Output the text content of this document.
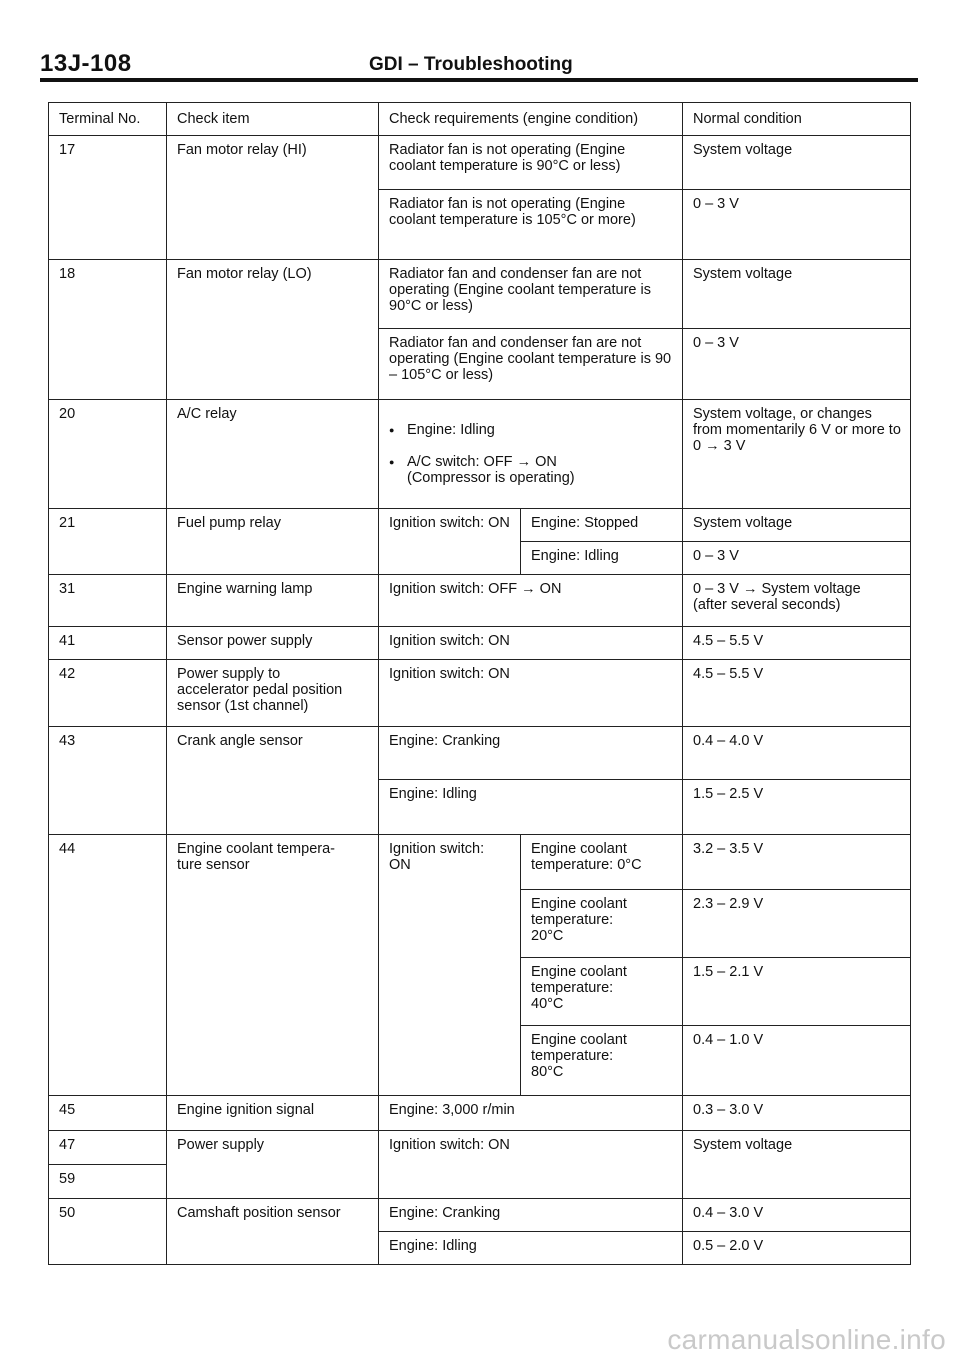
13J-108	GDI – Troubleshooting
Terminal No.	Check item	Check requirements (engine condition)		Normal condition
17	Fan motor relay (HI)	Radiator fan is not operating (Engine coolant temperature is 90°C or less)		System voltage
		Radiator fan is not operating (Engine coolant temperature is 105°C or more)		0 – 3 V
18	Fan motor relay (LO)	Radiator fan and condenser fan are not operating (Engine coolant temperature is 90°C or less)		System voltage
		Radiator fan and condenser fan are not operating (Engine coolant temperature is 90 – 105°C or less)		0 – 3 V
20	A/C relay	● Engine: Idling

● A/C switch: OFF → ON
(Compressor is operating)		System voltage, or changes from momentarily 6 V or more to 0 → 3 V
21	Fuel pump relay	Ignition switch: ON	Engine: Stopped	System voltage
			Engine: Idling	0 – 3 V
31	Engine warning lamp	Ignition switch: OFF → ON		0 – 3 V → System voltage
(after several seconds)
41	Sensor power supply	Ignition switch: ON		4.5 – 5.5 V
42	Power supply to
accelerator pedal position
sensor (1st channel)	Ignition switch: ON		4.5 – 5.5 V
43	Crank angle sensor	Engine: Cranking		0.4 – 4.0 V
		Engine: Idling		1.5 – 2.5 V
44	Engine coolant tempera-
ture sensor	Ignition switch:
ON	Engine coolant
temperature: 0°C	3.2 – 3.5 V
			Engine coolant
temperature:
20°C	2.3 – 2.9 V
			Engine coolant
temperature:
40°C	1.5 – 2.1 V
			Engine coolant
temperature:
80°C	0.4 – 1.0 V
45	Engine ignition signal	Engine: 3,000 r/min		0.3 – 3.0 V
47	Power supply	Ignition switch: ON		System voltage
59				
50	Camshaft position sensor	Engine: Cranking		0.4 – 3.0 V
		Engine: Idling		0.5 – 2.0 V
carmanualsonline.info
